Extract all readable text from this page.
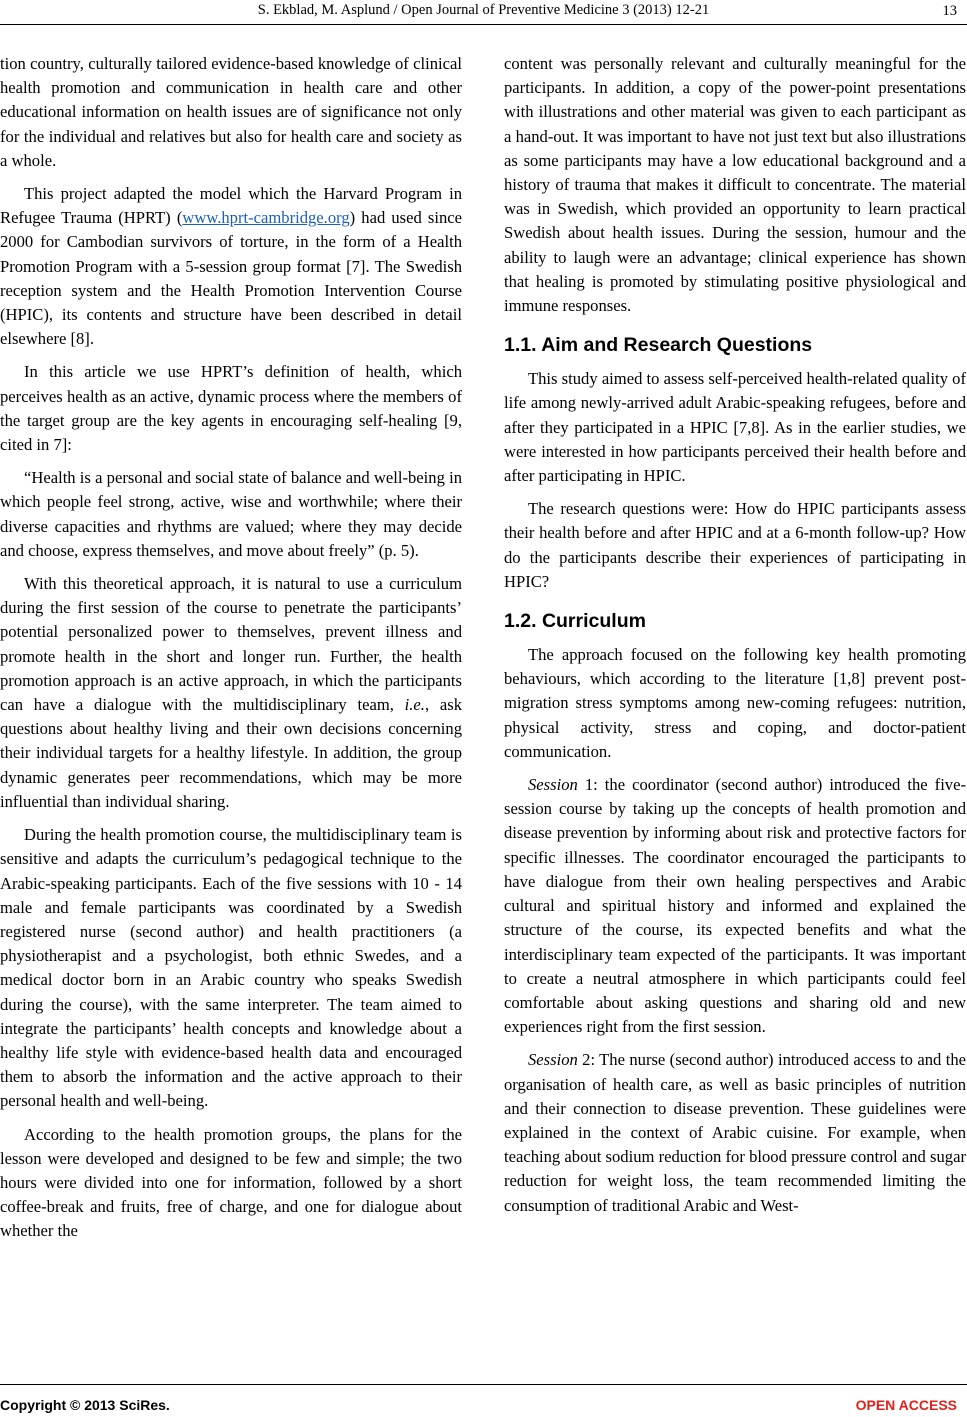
S. Ekblad, M. Asplund / Open Journal of Preventive Medicine 3 (2013) 12-21	13

tion country, culturally tailored evidence-based knowledge of clinical health promotion and communication in health care and other educational information on health issues are of significance not only for the individual and relatives but also for health care and society as a whole.

This project adapted the model which the Harvard Program in Refugee Trauma (HPRT) (www.hprt-cambridge.org) had used since 2000 for Cambodian survivors of torture, in the form of a Health Promotion Program with a 5-session group format [7]. The Swedish reception system and the Health Promotion Intervention Course (HPIC), its contents and structure have been described in detail elsewhere [8].

In this article we use HPRT’s definition of health, which perceives health as an active, dynamic process where the members of the target group are the key agents in encouraging self-healing [9, cited in 7]:

“Health is a personal and social state of balance and well-being in which people feel strong, active, wise and worthwhile; where their diverse capacities and rhythms are valued; where they may decide and choose, express themselves, and move about freely” (p. 5).

With this theoretical approach, it is natural to use a curriculum during the first session of the course to penetrate the participants’ potential personalized power to themselves, prevent illness and promote health in the short and longer run. Further, the health promotion approach is an active approach, in which the participants can have a dialogue with the multidisciplinary team, i.e., ask questions about healthy living and their own decisions concerning their individual targets for a healthy lifestyle. In addition, the group dynamic generates peer recommendations, which may be more influential than individual sharing.

During the health promotion course, the multidisciplinary team is sensitive and adapts the curriculum’s pedagogical technique to the Arabic-speaking participants. Each of the five sessions with 10 - 14 male and female participants was coordinated by a Swedish registered nurse (second author) and health practitioners (a physiotherapist and a psychologist, both ethnic Swedes, and a medical doctor born in an Arabic country who speaks Swedish during the course), with the same interpreter. The team aimed to integrate the participants’ health concepts and knowledge about a healthy life style with evidence-based health data and encouraged them to absorb the information and the active approach to their personal health and well-being.

According to the health promotion groups, the plans for the lesson were developed and designed to be few and simple; the two hours were divided into one for information, followed by a short coffee-break and fruits, free of charge, and one for dialogue about whether the

content was personally relevant and culturally meaningful for the participants. In addition, a copy of the power-point presentations with illustrations and other material was given to each participant as a hand-out. It was important to have not just text but also illustrations as some participants may have a low educational background and a history of trauma that makes it difficult to concentrate. The material was in Swedish, which provided an opportunity to learn practical Swedish about health issues. During the session, humour and the ability to laugh were an advantage; clinical experience has shown that healing is promoted by stimulating positive physiological and immune responses.

1.1. Aim and Research Questions

This study aimed to assess self-perceived health-related quality of life among newly-arrived adult Arabic-speaking refugees, before and after they participated in a HPIC [7,8]. As in the earlier studies, we were interested in how participants perceived their health before and after participating in HPIC.

The research questions were: How do HPIC participants assess their health before and after HPIC and at a 6-month follow-up? How do the participants describe their experiences of participating in HPIC?

1.2. Curriculum

The approach focused on the following key health promoting behaviours, which according to the literature [1,8] prevent post-migration stress symptoms among new-coming refugees: nutrition, physical activity, stress and coping, and doctor-patient communication.

Session 1: the coordinator (second author) introduced the five-session course by taking up the concepts of health promotion and disease prevention by informing about risk and protective factors for specific illnesses. The coordinator encouraged the participants to have dialogue from their own healing perspectives and Arabic cultural and spiritual history and informed and explained the structure of the course, its expected benefits and what the interdisciplinary team expected of the participants. It was important to create a neutral atmosphere in which participants could feel comfortable about asking questions and sharing old and new experiences right from the first session.

Session 2: The nurse (second author) introduced access to and the organisation of health care, as well as basic principles of nutrition and their connection to disease prevention. These guidelines were explained in the context of Arabic cuisine. For example, when teaching about sodium reduction for blood pressure control and sugar reduction for weight loss, the team recommended limiting the consumption of traditional Arabic and West-

Copyright © 2013 SciRes.	OPEN ACCESS
